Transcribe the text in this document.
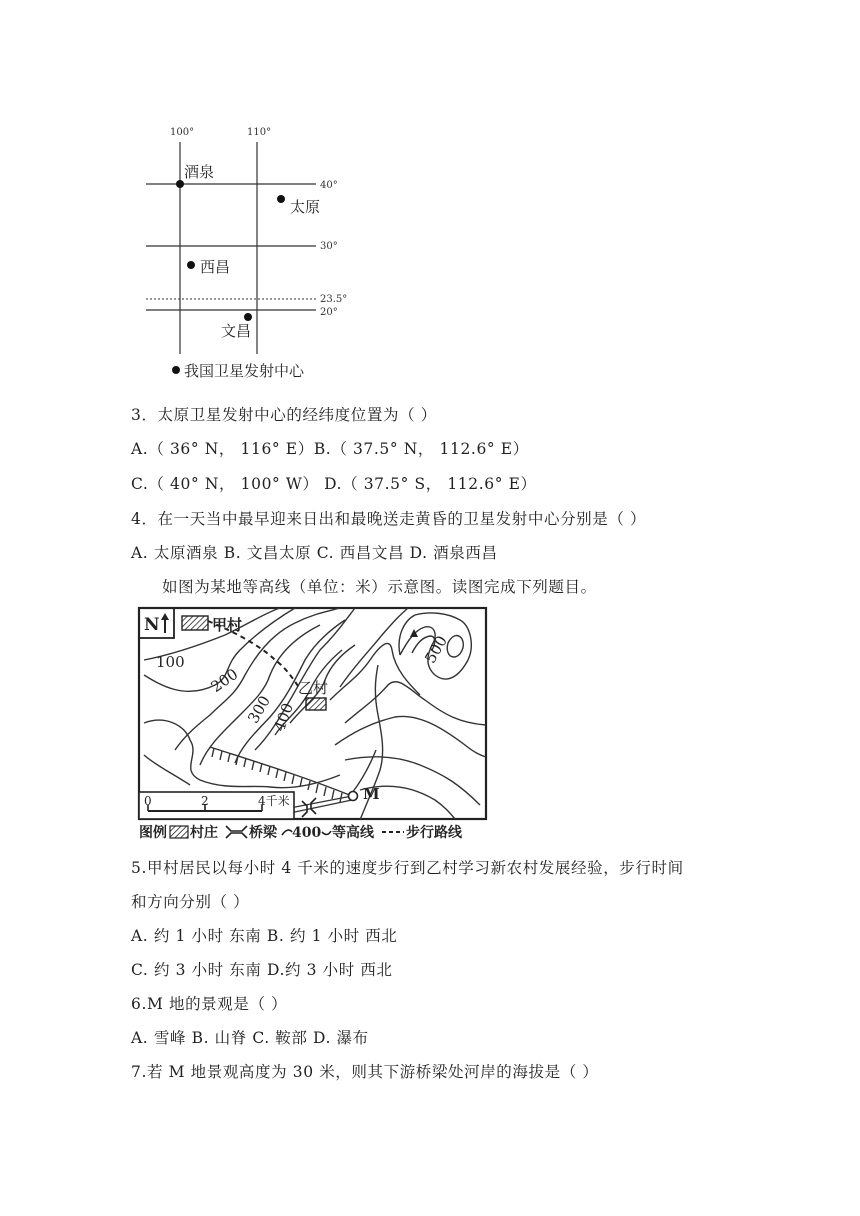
100°	110°
40°
30°
23.5°
20°
酒泉
太原
西昌
文昌
我国卫星发射中心
3．太原卫星发射中心的经纬度位置为（ ）
A.（ 36° N， 116° E）B.（ 37.5° N， 112.6° E）
C.（ 40° N， 100° W） D.（ 37.5° S， 112.6° E）
4．在一天当中最早迎来日出和最晚送走黄昏的卫星发射中心分别是（ ）
A. 太原酒泉 B. 文昌太原 C. 西昌文昌 D. 酒泉西昌
如图为某地等高线（单位：米）示意图。读图完成下列题目。
N
M
甲村
乙村
100
200
300
400
500
0	2	4千米
图例 村庄 桥梁 400 等高线 步行路线
5.甲村居民以每小时 4 千米的速度步行到乙村学习新农村发展经验，步行时间
和方向分别（ ）
A. 约 1 小时 东南 B. 约 1 小时 西北
C. 约 3 小时 东南 D.约 3 小时 西北
6.M 地的景观是（ ）
A. 雪峰 B. 山脊 C. 鞍部 D. 瀑布
7.若 M 地景观高度为 30 米，则其下游桥梁处河岸的海拔是（ ）
